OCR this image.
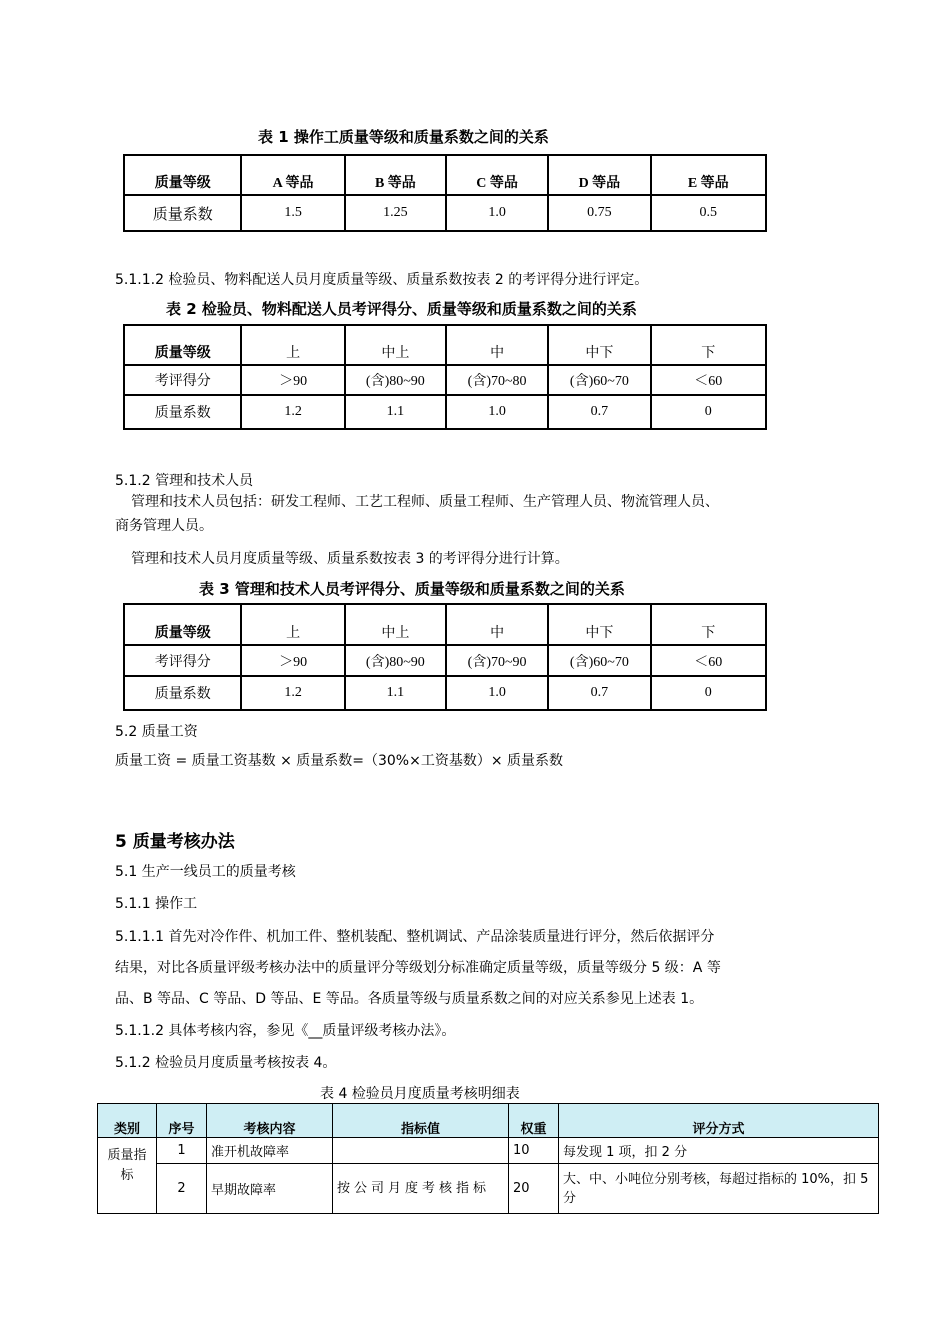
表 1 操作工质量等级和质量系数之间的关系
质量等级	A 等品	B 等品	C 等品	D 等品	E 等品
质量系数	1.5	1.25	1.0	0.75	0.5
5.1.1.2 检验员、物料配送人员月度质量等级、质量系数按表 2 的考评得分进行评定。
表 2 检验员、物料配送人员考评得分、质量等级和质量系数之间的关系
质量等级	上	中上	中	中下	下
考评得分	＞90	(含)80~90	(含)70~80	(含)60~70	＜60
质量系数	1.2	1.1	1.0	0.7	0
5.1.2 管理和技术人员
管理和技术人员包括：研发工程师、工艺工程师、质量工程师、生产管理人员、物流管理人员、
商务管理人员。
管理和技术人员月度质量等级、质量系数按表 3 的考评得分进行计算。
表 3 管理和技术人员考评得分、质量等级和质量系数之间的关系
质量等级	上	中上	中	中下	下
考评得分	＞90	(含)80~90	(含)70~90	(含)60~70	＜60
质量系数	1.2	1.1	1.0	0.7	0
5.2 质量工资
质量工资 = 质量工资基数 × 质量系数=（30%×工资基数）× 质量系数
5 质量考核办法
5.1 生产一线员工的质量考核
5.1.1 操作工
5.1.1.1 首先对冷作件、机加工件、整机装配、整机调试、产品涂装质量进行评分，然后依据评分
结果，对比各质量评级考核办法中的质量评分等级划分标准确定质量等级，质量等级分 5 级：A 等
品、B 等品、C 等品、D 等品、E 等品。各质量等级与质量系数之间的对应关系参见上述表 1。
5.1.1.2 具体考核内容，参见《__质量评级考核办法》。
5.1.2 检验员月度质量考核按表 4。
表 4 检验员月度质量考核明细表
类别	序号	考核内容	指标值	权重	评分方式
质量指标	1	准开机故障率		10	每发现 1 项，扣 2 分
	2	早期故障率	按公司月度考核指标	20	大、中、小吨位分别考核，每超过指标的 10%，扣 5 分
